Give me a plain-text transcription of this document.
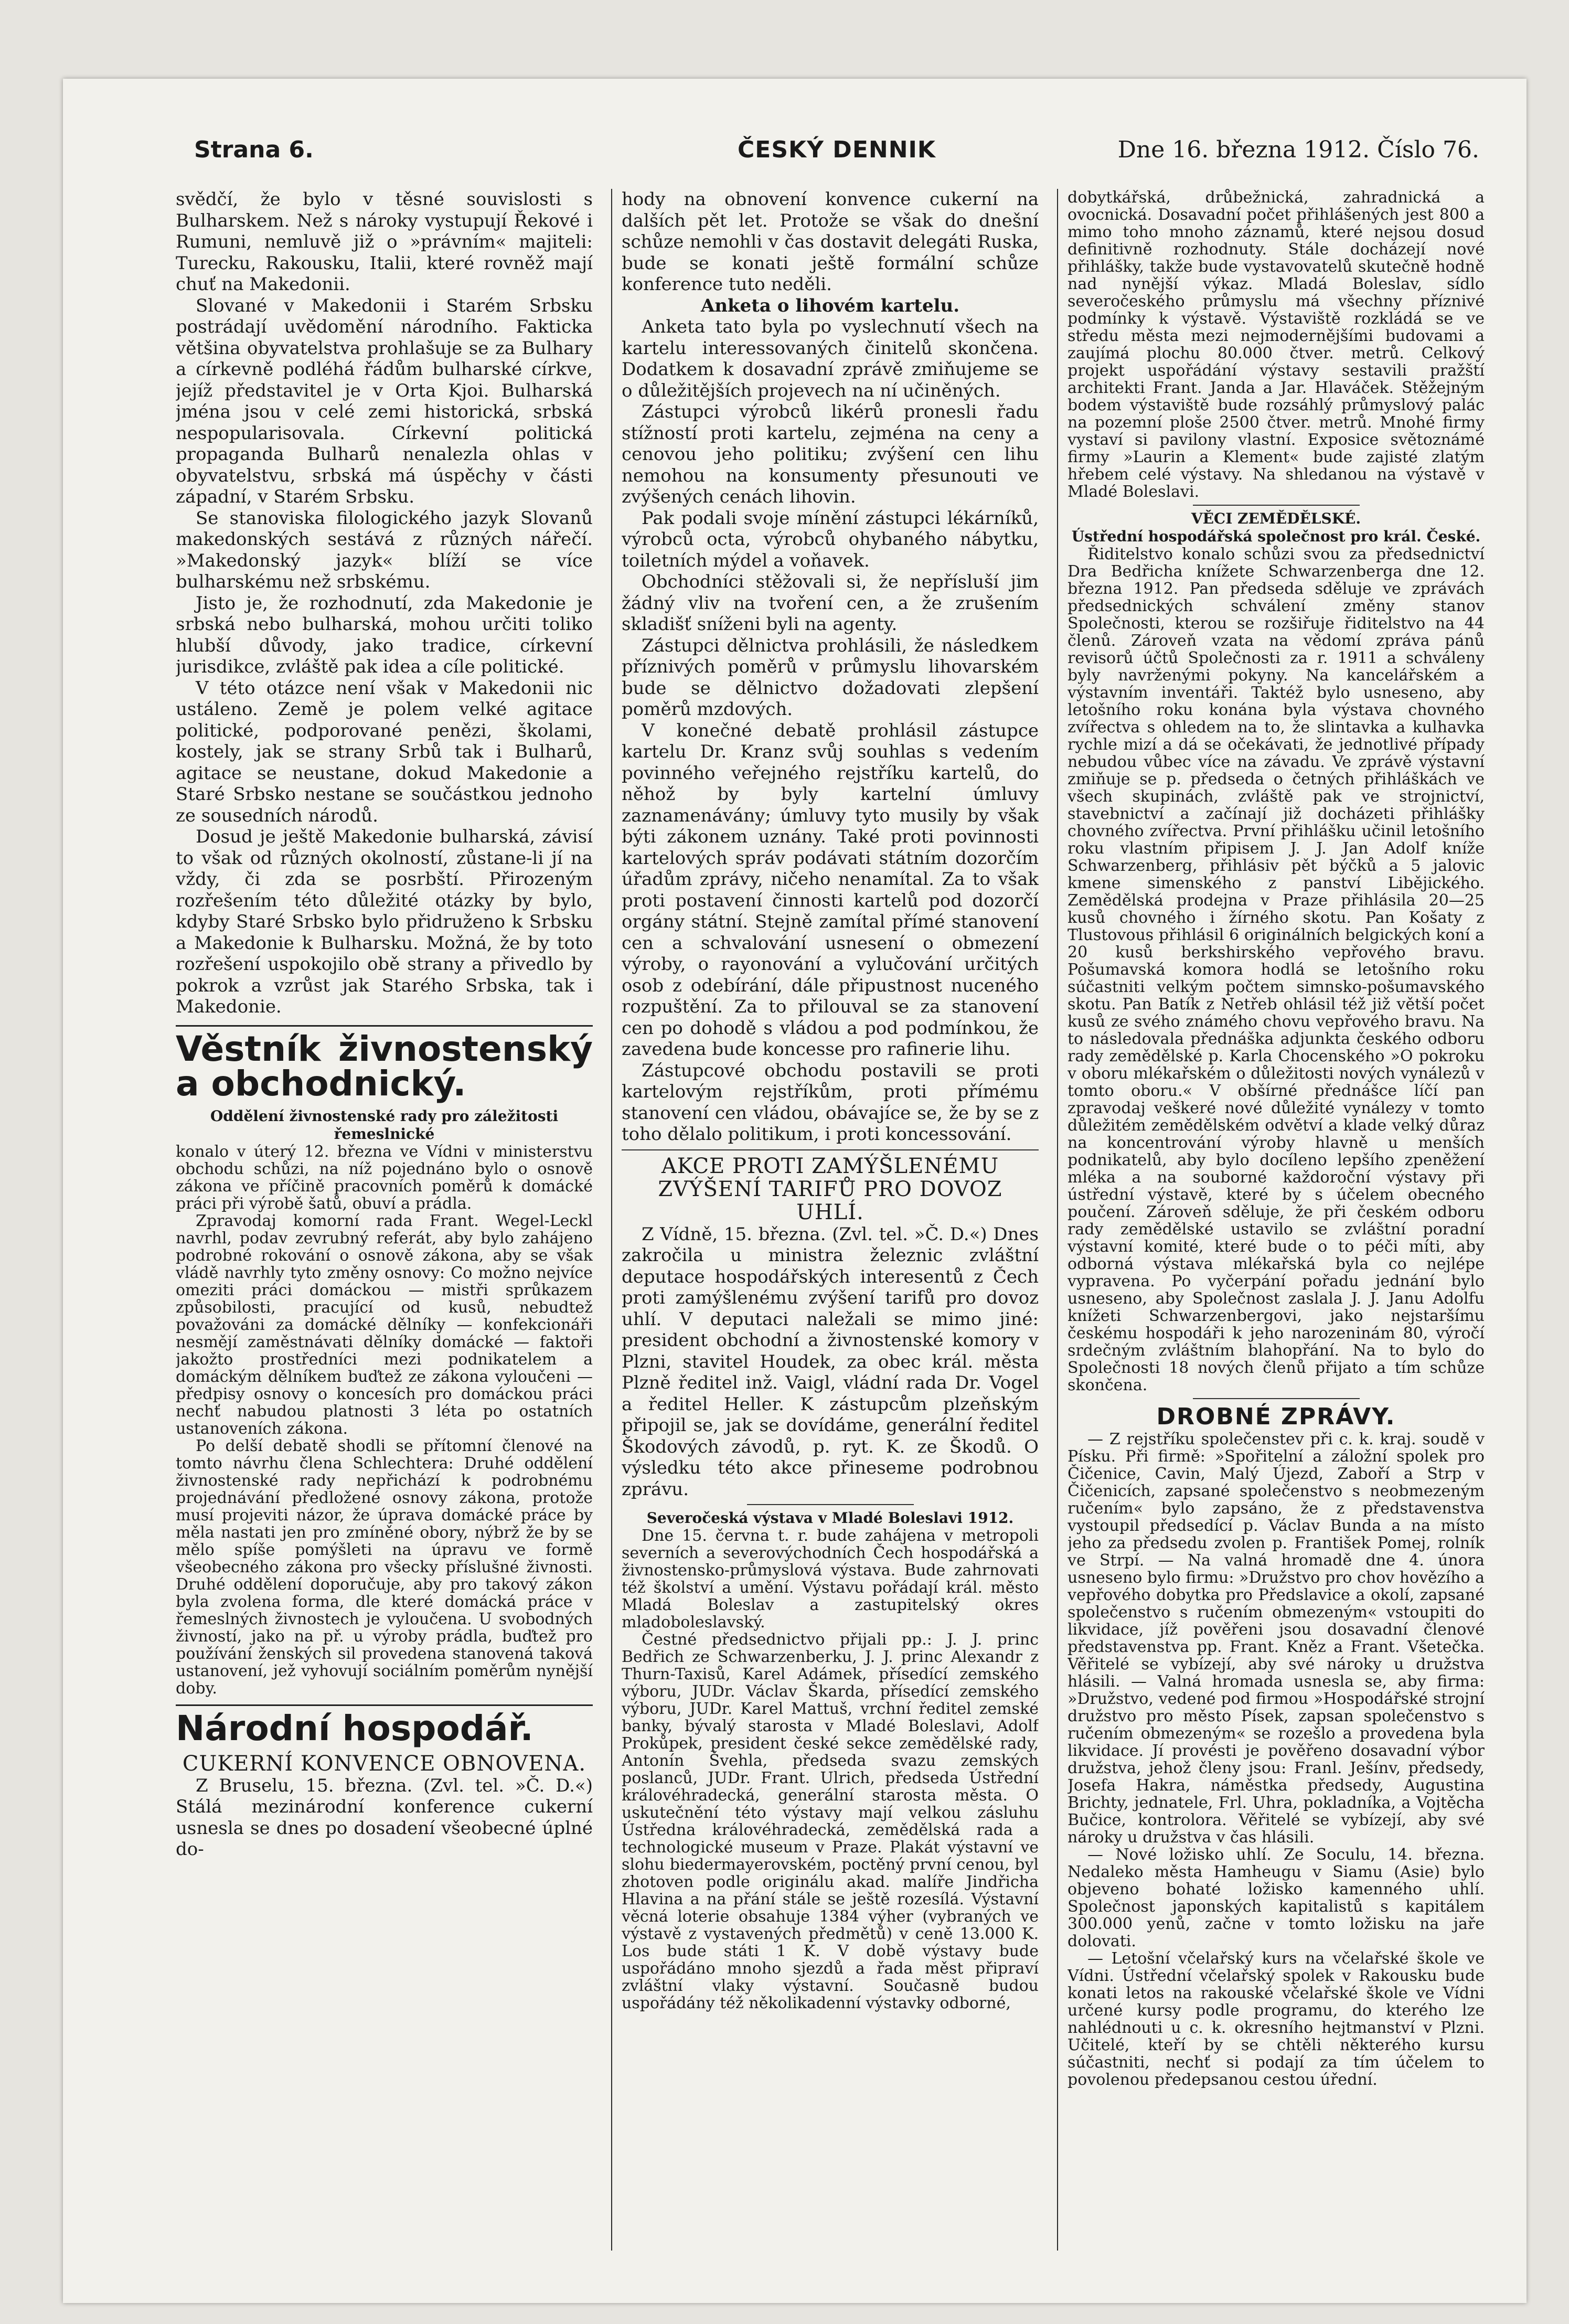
Strana 6.	ČESKÝ DENNIK	Dne 16. března 1912. Číslo 76.

svědčí, že bylo v těsné souvislosti s Bulharskem. Než s nároky vystupují Řekové i Rumuni, nemluvě již o »právním« majiteli: Turecku, Rakousku, Italii, které rovněž mají chuť na Makedonii.

Slované v Makedonii i Starém Srbsku postrádají uvědomění národního. Fakticka většina obyvatelstva prohlašuje se za Bulhary a církevně podléhá řádům bulharské církve, jejíž představitel je v Orta Kjoi. Bulharská jména jsou v celé zemi historická, srbská nespopularisovala. Církevní politická propaganda Bulharů nenalezla ohlas v obyvatelstvu, srbská má úspěchy v části západní, v Starém Srbsku.

Se stanoviska filologického jazyk Slovanů makedonských sestává z různých nářečí. »Makedonský jazyk« blíží se více bulharskému než srbskému.

Jisto je, že rozhodnutí, zda Makedonie je srbská nebo bulharská, mohou určiti toliko hlubší důvody, jako tradice, církevní jurisdikce, zvláště pak idea a cíle politické.

V této otázce není však v Makedonii nic ustáleno. Země je polem velké agitace politické, podporované penězi, školami, kostely, jak se strany Srbů tak i Bulharů, agitace se neustane, dokud Makedonie a Staré Srbsko nestane se součástkou jednoho ze sousedních národů.

Dosud je ještě Makedonie bulharská, závisí to však od různých okolností, zůstane-li jí na vždy, či zda se posrbští. Přirozeným rozřešením této důležité otázky by bylo, kdyby Staré Srbsko bylo přidruženo k Srbsku a Makedonie k Bulharsku. Možná, že by toto rozřešení uspokojilo obě strany a přivedlo by pokrok a vzrůst jak Starého Srbska, tak i Makedonie.

Věstník živnostenský a obchodnický.

Oddělení živnostenské rady pro záležitosti řemeslnické

konalo v úterý 12. března ve Vídni v ministerstvu obchodu schůzi, na níž pojednáno bylo o osnově zákona ve příčině pracovních poměrů k domácké práci při výrobě šatů, obuví a prádla.

Zpravodaj komorní rada Frant. Wegel-Leckl navrhl, podav zevrubný referát, aby bylo zahájeno podrobné rokování o osnově zákona, aby se však vládě navrhly tyto změny osnovy: Co možno nejvíce omeziti práci domáckou — mistři sprůkazem způsobilosti, pracující od kusů, nebudtež považováni za domácké dělníky — konfekcionáři nesmějí zaměstnávati dělníky domácké — faktoři jakožto prostředníci mezi podnikatelem a domáckým dělníkem buďtež ze zákona vyloučeni — předpisy osnovy o koncesích pro domáckou práci nechť nabudou platnosti 3 léta po ostatních ustanoveních zákona.

Po delší debatě shodli se přítomní členové na tomto návrhu člena Schlechtera: Druhé oddělení živnostenské rady nepřichází k podrobnému projednávání předložené osnovy zákona, protože musí projeviti názor, že úprava domácké práce by měla nastati jen pro zmíněné obory, nýbrž že by se mělo spíše pomýšleti na úpravu ve formě všeobecného zákona pro všecky příslušné živnosti. Druhé oddělení doporučuje, aby pro takový zákon byla zvolena forma, dle které domácká práce v řemeslných živnostech je vyloučena. U svobodných živností, jako na př. u výroby prádla, buďtež pro používání ženských sil provedena stanovená taková ustanovení, jež vyhovují sociálním poměrům nynější doby.

Národní hospodář.

CUKERNÍ KONVENCE OBNOVENA.

Z Bruselu, 15. března. (Zvl. tel. »Č. D.«) Stálá mezinárodní konference cukerní usnesla se dnes po dosadení všeobecné úplné do-

hody na obnovení konvence cukerní na dalších pět let. Protože se však do dnešní schůze nemohli v čas dostavit delegáti Ruska, bude se konati ještě formální schůze konference tuto neděli.

Anketa o lihovém kartelu.

Anketa tato byla po vyslechnutí všech na kartelu interessovaných činitelů skončena. Dodatkem k dosavadní zprávě zmiňujeme se o důležitějších projevech na ní učiněných.

Zástupci výrobců likérů pronesli řadu stížností proti kartelu, zejména na ceny a cenovou jeho politiku; zvýšení cen lihu nemohou na konsumenty přesunouti ve zvýšených cenách lihovin.

Pak podali svoje mínění zástupci lékárníků, výrobců octa, výrobců ohybaného nábytku, toiletních mýdel a voňavek.

Obchodníci stěžovali si, že nepřísluší jim žádný vliv na tvoření cen, a že zrušením skladišť sníženi byli na agenty.

Zástupci dělnictva prohlásili, že následkem příznivých poměrů v průmyslu lihovarském bude se dělnictvo dožadovati zlepšení poměrů mzdových.

V konečné debatě prohlásil zástupce kartelu Dr. Kranz svůj souhlas s vedením povinného veřejného rejstříku kartelů, do něhož by byly kartelní úmluvy zaznamenávány; úmluvy tyto musily by však býti zákonem uznány. Také proti povinnosti kartelových správ podávati státním dozorčím úřadům zprávy, ničeho nenamítal. Za to však proti postavení činnosti kartelů pod dozorčí orgány státní. Stejně zamítal přímé stanovení cen a schvalování usnesení o obmezení výroby, o rayonování a vylučování určitých osob z odebírání, dále připustnost nuceného rozpuštění. Za to přilouval se za stanovení cen po dohodě s vládou a pod podmínkou, že zavedena bude koncesse pro rafinerie lihu.

Zástupcové obchodu postavili se proti kartelovým rejstříkům, proti přímému stanovení cen vládou, obávajíce se, že by se z toho dělalo politikum, i proti koncessování.

AKCE PROTI ZAMÝŠLENÉMU ZVÝŠENÍ TARIFŮ PRO DOVOZ UHLÍ.

Z Vídně, 15. března. (Zvl. tel. »Č. D.«) Dnes zakročila u ministra železnic zvláštní deputace hospodářských interesentů z Čech proti zamýšlenému zvýšení tarifů pro dovoz uhlí. V deputaci naležali se mimo jiné: president obchodní a živnostenské komory v Plzni, stavitel Houdek, za obec král. města Plzně ředitel inž. Vaigl, vládní rada Dr. Vogel a ředitel Heller. K zástupcům plzeňským připojil se, jak se dovídáme, generální ředitel Škodových závodů, p. ryt. K. ze Škodů. O výsledku této akce přineseme podrobnou zprávu.

Severočeská výstava v Mladé Boleslavi 1912.

Dne 15. června t. r. bude zahájena v metropoli severních a severovýchodních Čech hospodářská a živnostensko-průmyslová výstava. Bude zahrnovati též školství a umění. Výstavu pořádají král. město Mladá Boleslav a zastupitelský okres mladoboleslavský.

Čestné předsednictvo přijali pp.: J. J. princ Bedřich ze Schwarzenberku, J. J. princ Alexandr z Thurn-Taxisů, Karel Adámek, přísedící zemského výboru, JUDr. Václav Škarda, přísedící zemského výboru, JUDr. Karel Mattuš, vrchní ředitel zemské banky, bývalý starosta v Mladé Boleslavi, Adolf Prokůpek, president české sekce zemědělské rady, Antonín Švehla, předseda svazu zemských poslanců, JUDr. Frant. Ulrich, předseda Ústřední královéhradecká, generální starosta města. O uskutečnění této výstavy mají velkou zásluhu Ústředna královéhradecká, zemědělská rada a technologické museum v Praze. Plakát výstavní ve slohu biedermayerovském, poctěný první cenou, byl zhotoven podle originálu akad. malíře Jindřicha Hlavina a na přání stále se ještě rozesílá. Výstavní věcná loterie obsahuje 1384 výher (vybraných ve výstavě z vystavených předmětů) v ceně 13.000 K. Los bude státi 1 K. V době výstavy bude uspořádáno mnoho sjezdů a řada měst připraví zvláštní vlaky výstavní. Současně budou uspořádány též několikadenní výstavky odborné,

dobytkářská, drůbežnická, zahradnická a ovocnická. Dosavadní počet přihlášených jest 800 a mimo toho mnoho záznamů, které nejsou dosud definitivně rozhodnuty. Stále docházejí nové přihlášky, takže bude vystavovatelů skutečně hodně nad nynější výkaz. Mladá Boleslav, sídlo severočeského průmyslu má všechny příznivé podmínky k výstavě. Výstaviště rozkládá se ve středu města mezi nejmodernějšími budovami a zaujímá plochu 80.000 čtver. metrů. Celkový projekt uspořádání výstavy sestavili pražští architekti Frant. Janda a Jar. Hlaváček. Stěžejným bodem výstaviště bude rozsáhlý průmyslový palác na pozemní ploše 2500 čtver. metrů. Mnohé firmy vystaví si pavilony vlastní. Exposice světoznámé firmy »Laurin a Klement« bude zajisté zlatým hřebem celé výstavy. Na shledanou na výstavě v Mladé Boleslavi.

VĚCI ZEMĚDĚLSKÉ.

Ústřední hospodářská společnost pro král. České.

Řiditelstvo konalo schůzi svou za předsednictví Dra Bedřicha knížete Schwarzenberga dne 12. března 1912. Pan předseda sděluje ve zprávách předsednických schválení změny stanov Společnosti, kterou se rozšiřuje řiditelstvo na 44 členů. Zároveň vzata na vědomí zpráva pánů revisorů účtů Společnosti za r. 1911 a schváleny byly navrženými pokyny. Na kancelářském a výstavním inventáři. Taktéž bylo usneseno, aby letošního roku konána byla výstava chovného zvířectva s ohledem na to, že slintavka a kulhavka rychle mizí a dá se očekávati, že jednotlivé případy nebudou vůbec více na závadu. Ve zprávě výstavní zmiňuje se p. předseda o četných přihláškách ve všech skupinách, zvláště pak ve strojnictví, stavebnictví a začínají již docházeti přihlášky chovného zvířectva. První přihlášku učinil letošního roku vlastním připisem J. J. Jan Adolf kníže Schwarzenberg, přihlásiv pět býčků a 5 jalovic kmene simenského z panství Libějického. Zemědělská prodejna v Praze přihlásila 20—25 kusů chovného i žírného skotu. Pan Košaty z Tlustovous přihlásil 6 originálních belgických koní a 20 kusů berkshirského vepřového bravu. Pošumavská komora hodlá se letošního roku súčastniti velkým počtem simnsko-pošumavského skotu. Pan Batík z Netřeb ohlásil též již větší počet kusů ze svého známého chovu vepřového bravu. Na to následovala přednáška adjunkta českého odboru rady zemědělské p. Karla Chocenského »O pokroku v oboru mlékařském o důležitosti nových vynálezů v tomto oboru.« V obšírné přednášce líčí pan zpravodaj veškeré nové důležité vynálezy v tomto důležitém zemědělském odvětví a klade velký důraz na koncentrování výroby hlavně u menších podnikatelů, aby bylo docíleno lepšího zpeněžení mléka a na souborné každoroční výstavy při ústřední výstavě, které by s účelem obecného poučení. Zároveň sděluje, že při českém odboru rady zemědělské ustavilo se zvláštní poradní výstavní komité, které bude o to péči míti, aby odborná výstava mlékařská byla co nejlépe vypravena. Po vyčerpání pořadu jednání bylo usneseno, aby Společnost zaslala J. J. Janu Adolfu knížeti Schwarzenbergovi, jako nejstaršímu českému hospodáři k jeho narozeninám 80, výročí srdečným zvláštním blahopřání. Na to bylo do Společnosti 18 nových členů přijato a tím schůze skončena.

DROBNÉ ZPRÁVY.

— Z rejstříku společenstev při c. k. kraj. soudě v Písku. Při firmě: »Spořitelní a záložní spolek pro Čičenice, Cavin, Malý Újezd, Zaboří a Strp v Čičenicích, zapsané společenstvo s neobmezeným ručením« bylo zapsáno, že z představenstva vystoupil předsedící p. Václav Bunda a na místo jeho za předsedu zvolen p. František Pomej, rolník ve Strpí. — Na valná hromadě dne 4. února usneseno bylo firmu: »Družstvo pro chov hovězího a vepřového dobytka pro Předslavice a okolí, zapsané společenstvo s ručením obmezeným« vstoupiti do likvidace, jíž pověřeni jsou dosavadní členové představenstva pp. Frant. Kněz a Frant. Všetečka. Věřitelé se vybízejí, aby své nároky u družstva hlásili. — Valná hromada usnesla se, aby firma: »Družstvo, vedené pod firmou »Hospodářské strojní družstvo pro město Písek, zapsan společenstvo s ručením obmezeným« se rozešlo a provedena byla likvidace. Jí provésti je pověřeno dosavadní výbor družstva, jehož členy jsou: Franl. Ješínv, předsedy, Josefa Hakra, náměstka předsedy, Augustina Brichty, jednatele, Frl. Uhra, pokladníka, a Vojtěcha Bučice, kontrolora. Věřitelé se vybízejí, aby své nároky u družstva v čas hlásili.

— Nové ložisko uhlí. Ze Soculu, 14. března. Nedaleko města Hamheugu v Siamu (Asie) bylo objeveno bohaté ložisko kamenného uhlí. Společnost japonských kapitalistů s kapitálem 300.000 yenů, začne v tomto ložisku na jaře dolovati.

— Letošní včelařský kurs na včelařské škole ve Vídni. Ústřední včelařský spolek v Rakousku bude konati letos na rakouské včelařské škole ve Vídni určené kursy podle programu, do kterého lze nahlédnouti u c. k. okresního hejtmanství v Plzni. Učitelé, kteří by se chtěli některého kursu súčastniti, nechť si podají za tím účelem to povolenou předepsanou cestou úřední.
